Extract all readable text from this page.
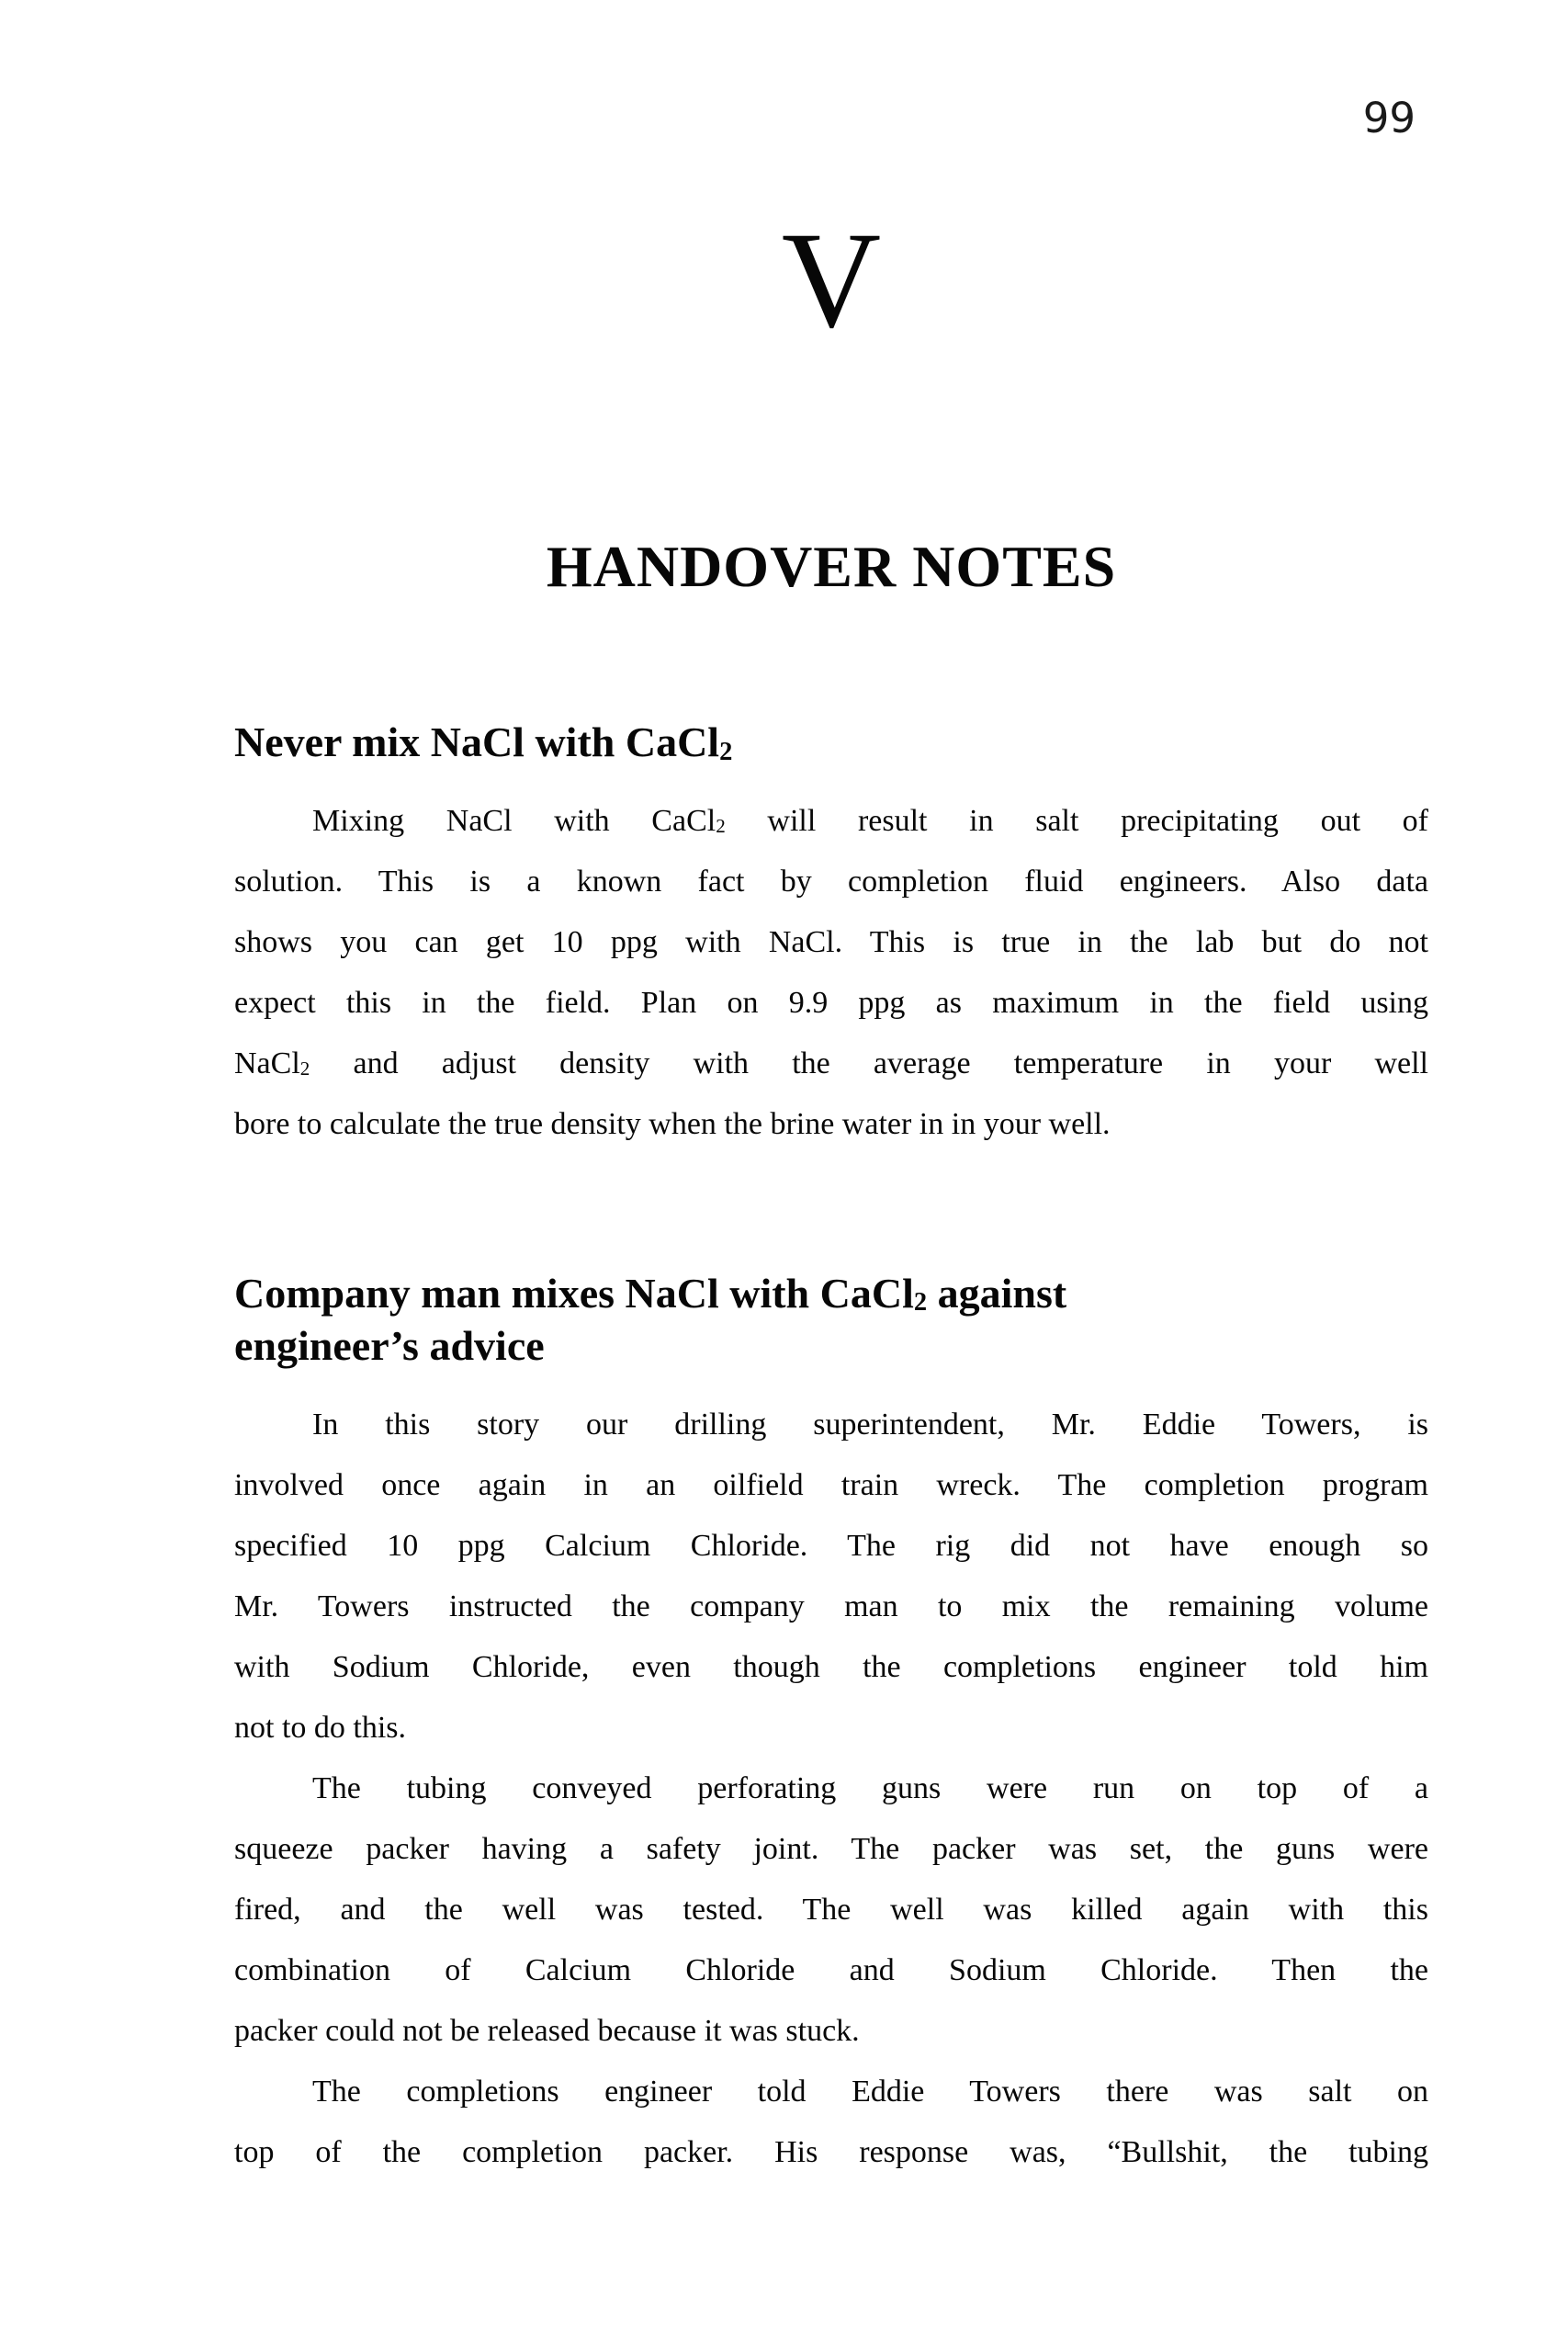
99
V
HANDOVER NOTES
Never mix NaCl with CaCl$_2$
Mixing NaCl with CaCl$_2$ will result in salt precipitating out of
solution. This is a known fact by completion fluid engineers. Also data
shows you can get 10 ppg with NaCl. This is true in the lab but do not
expect this in the field. Plan on 9.9 ppg as maximum in the field using
NaCl$_2$ and adjust density with the average temperature in your well
bore to calculate the true density when the brine water in in your well.
Company man mixes NaCl with CaCl$_2$ against
engineer’s advice
In this story our drilling superintendent, Mr. Eddie Towers, is
involved once again in an oilfield train wreck. The completion program
specified 10 ppg Calcium Chloride. The rig did not have enough so
Mr. Towers instructed the company man to mix the remaining volume
with Sodium Chloride, even though the completions engineer told him
not to do this.
The tubing conveyed perforating guns were run on top of a
squeeze packer having a safety joint. The packer was set, the guns were
fired, and the well was tested. The well was killed again with this
combination of Calcium Chloride and Sodium Chloride. Then the
packer could not be released because it was stuck.
The completions engineer told Eddie Towers there was salt on
top of the completion packer. His response was, “Bullshit, the tubing
